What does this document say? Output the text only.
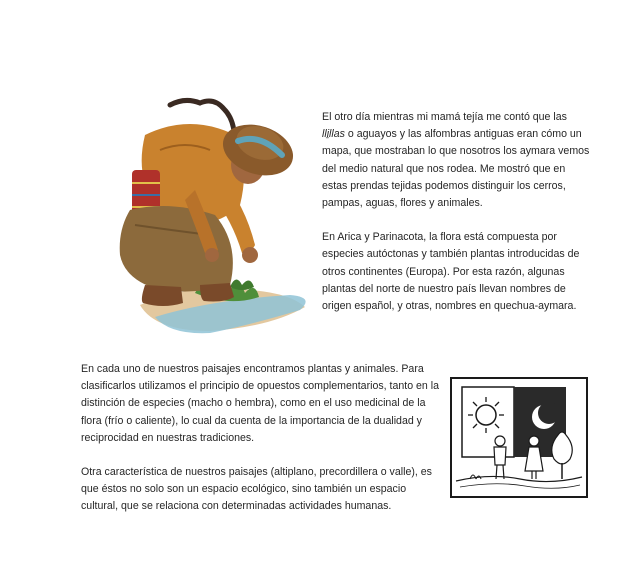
El otro día mientras mi mamá tejía me contó que las
lli̱llas o aguayos y las alfombras antiguas eran cómo un mapa, que mostraban lo que nosotros los aymara vemos del medio natural que nos rodea. Me mostró que en estas prendas tejidas podemos distinguir los cerros, pampas, aguas, flores y animales.

En Arica y Parinacota, la flora está compuesta por especies autóctonas y también plantas introducidas de otros continentes (Europa). Por esta razón, algunas plantas del norte de nuestro país llevan nombres de origen español, y otras, nombres en quechua-aymara.

En cada uno de nuestros paisajes encontramos plantas y animales. Para clasificarlos utilizamos el principio de opuestos complementarios, tanto en la distinción de especies (macho o hembra), como en el uso medicinal de la flora (frío o caliente), lo cual da cuenta de la importancia de la dualidad y reciprocidad en nuestras tradiciones.

Otra característica de nuestros paisajes (altiplano, precordillera o valle), es que éstos no solo son un espacio ecológico, sino también un espacio cultural, que se relaciona con determinadas actividades humanas.
